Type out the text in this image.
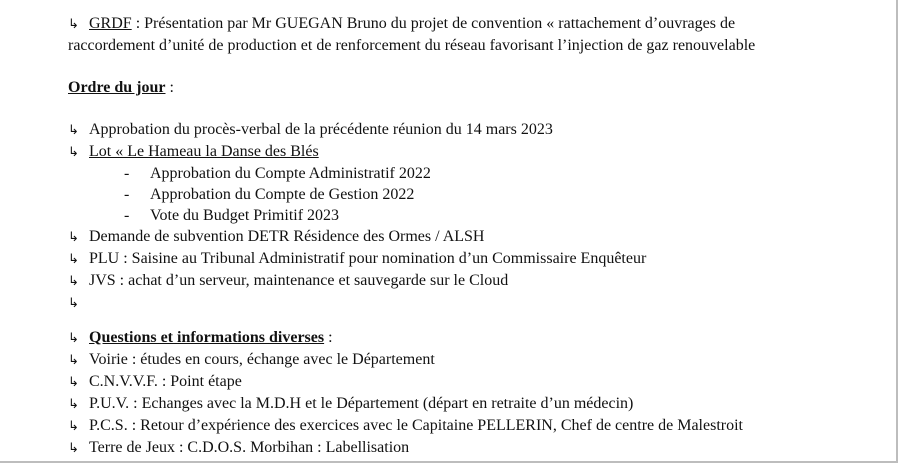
↳ GRDF : Présentation par Mr GUEGAN Bruno du projet de convention « rattachement d’ouvrages de
raccordement d’unité de production et de renforcement du réseau favorisant l’injection de gaz renouvelable
Ordre du jour :
↳ Approbation du procès-verbal de la précédente réunion du 14 mars 2023
↳ Lot « Le Hameau la Danse des Blés
- Approbation du Compte Administratif 2022
- Approbation du Compte de Gestion 2022
- Vote du Budget Primitif 2023
↳ Demande de subvention DETR Résidence des Ormes / ALSH
↳ PLU : Saisine au Tribunal Administratif pour nomination d’un Commissaire Enquêteur
↳ JVS : achat d’un serveur, maintenance et sauvegarde sur le Cloud
↳
↳ Questions et informations diverses :
↳ Voirie : études en cours, échange avec le Département
↳ C.N.V.V.F. : Point étape
↳ P.U.V. : Echanges avec la M.D.H et le Département (départ en retraite d’un médecin)
↳ P.C.S. : Retour d’expérience des exercices avec le Capitaine PELLERIN, Chef de centre de Malestroit
↳ Terre de Jeux : C.D.O.S. Morbihan : Labellisation
